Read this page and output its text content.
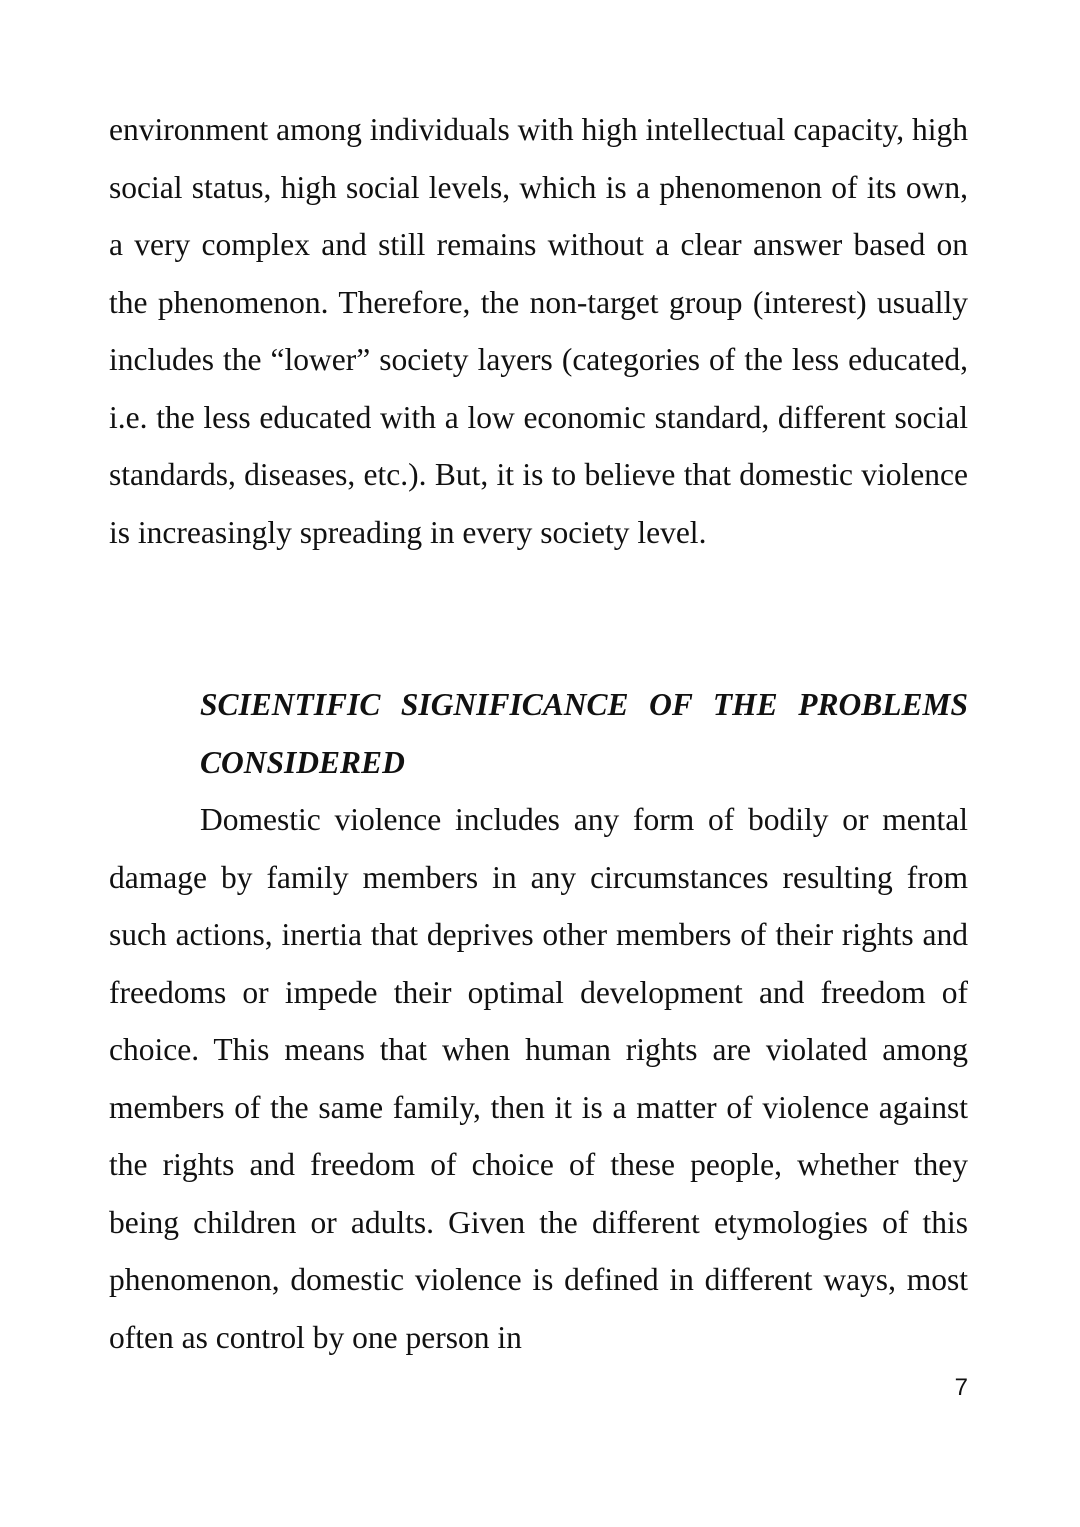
environment among individuals with high intellectual capacity, high social status, high social levels, which is a phenomenon of its own, a very complex and still remains without a clear answer based on the phenomenon. Therefore, the non-target group (interest) usually includes the “lower” society layers (categories of the less educated, i.e. the less educated with a low economic standard, different social standards, diseases, etc.). But, it is to believe that domestic violence is increasingly spreading in every society level.

SCIENTIFIC SIGNIFICANCE OF THE PROBLEMS CONSIDERED

Domestic violence includes any form of bodily or mental damage by family members in any circumstances resulting from such actions, inertia that deprives other members of their rights and freedoms or impede their optimal development and freedom of choice. This means that when human rights are violated among members of the same family, then it is a matter of violence against the rights and freedom of choice of these people, whether they being children or adults. Given the different etymologies of this phenomenon, domestic violence is defined in different ways, most often as control by one person in

7
